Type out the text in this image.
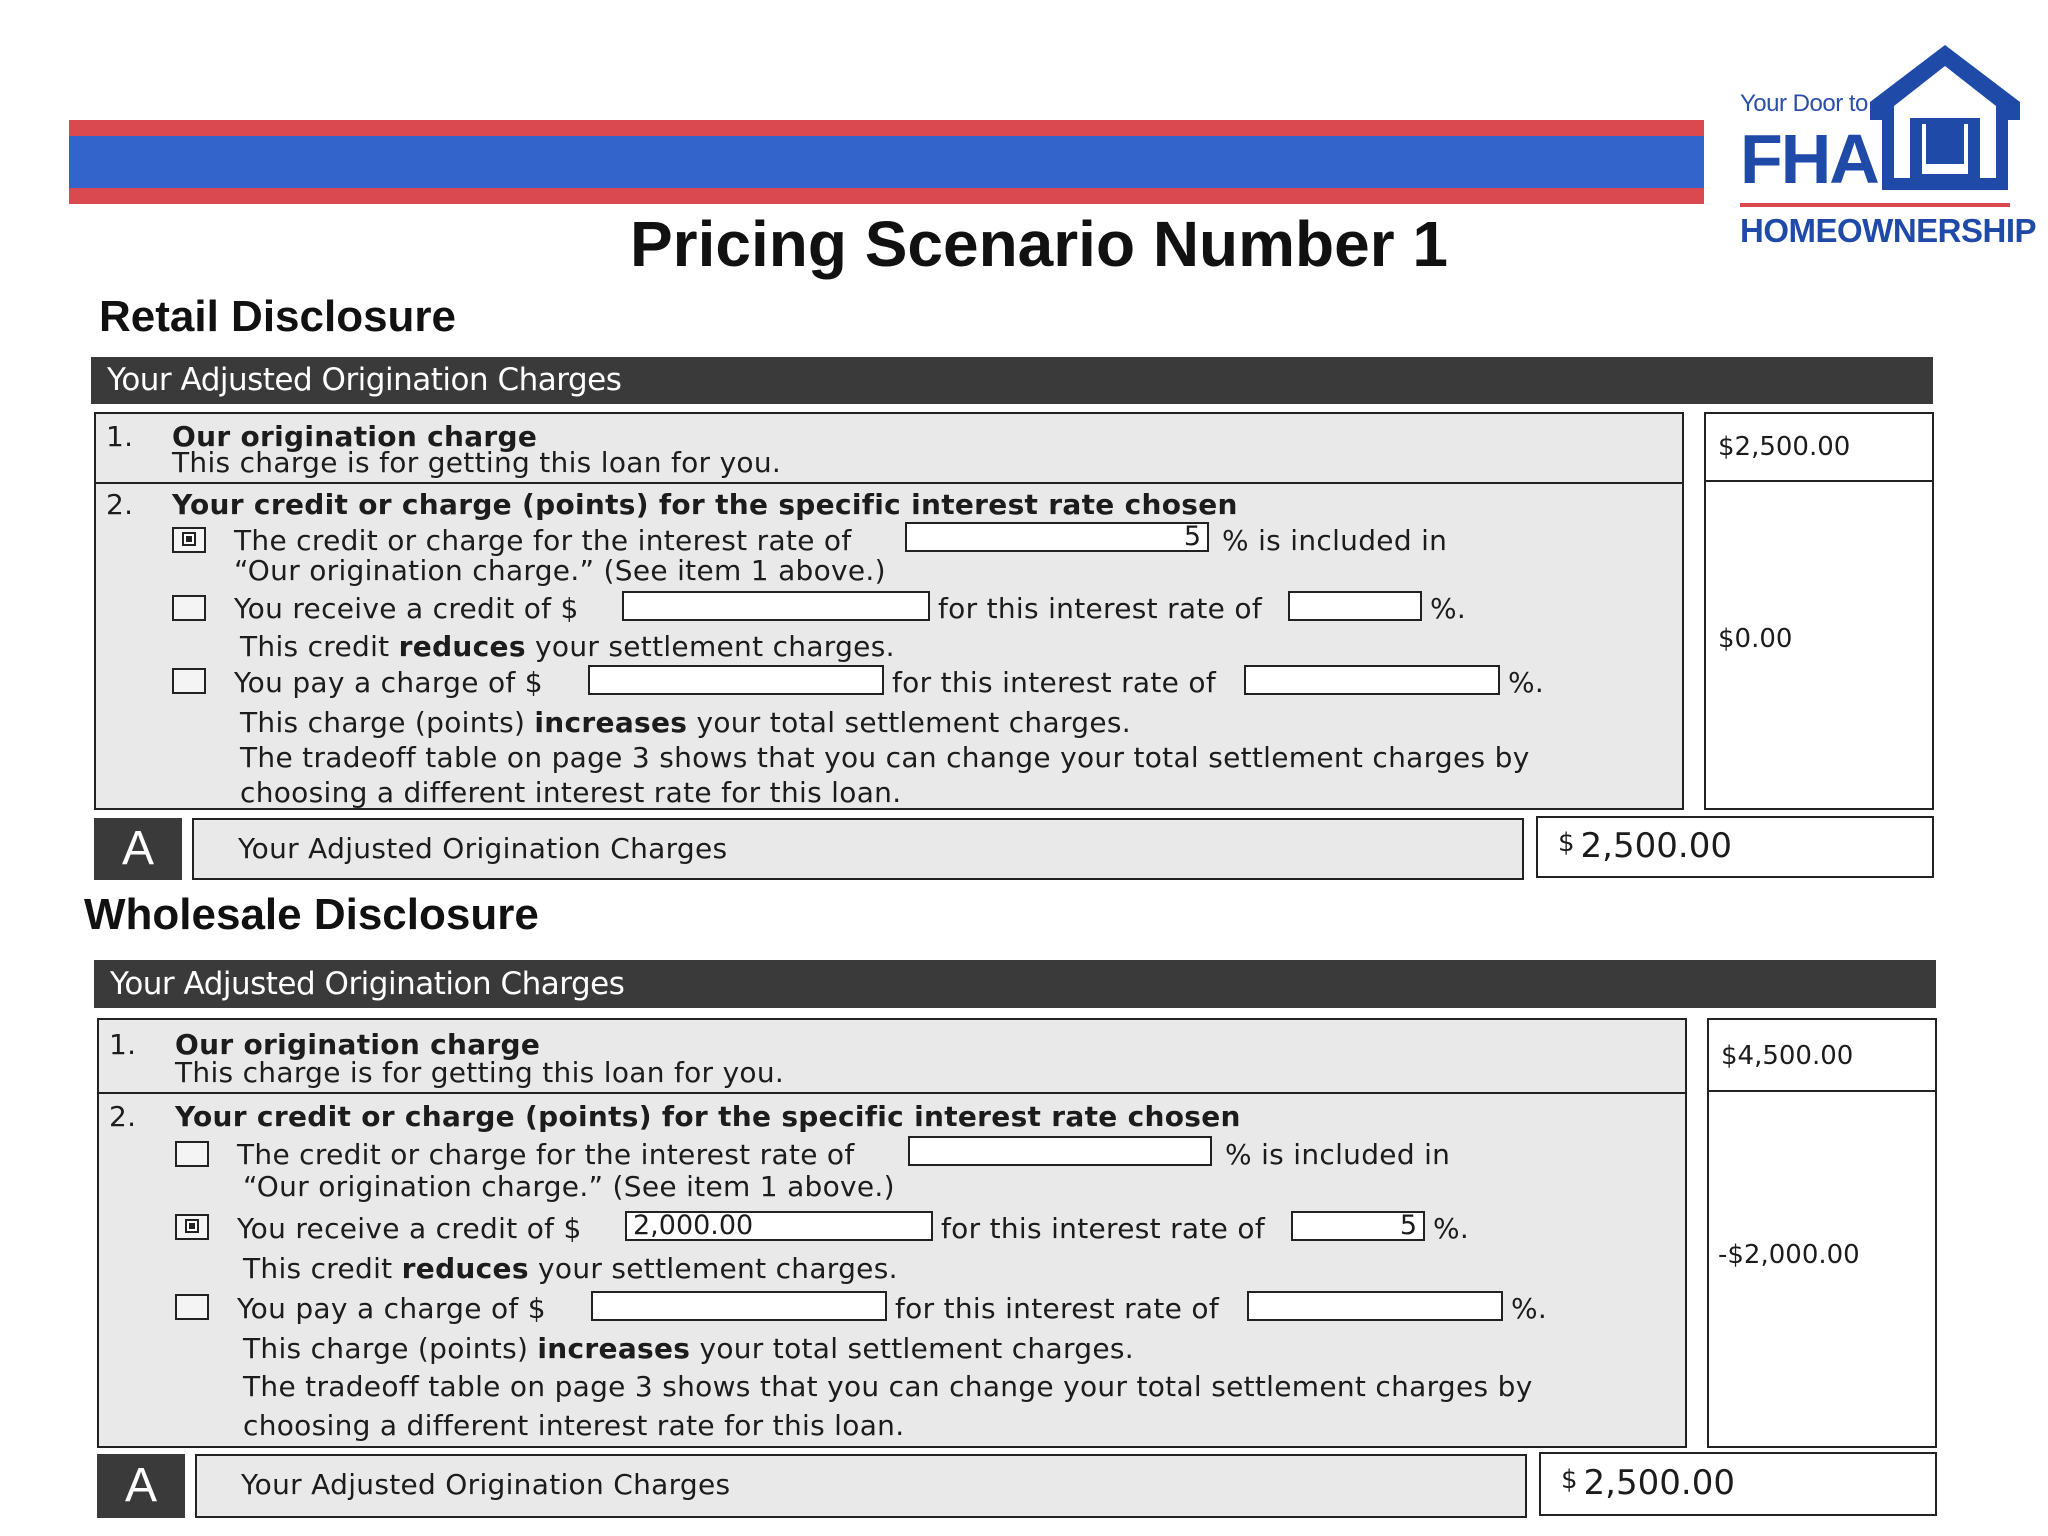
Your Door to
FHA
HOMEOWNERSHIP
Pricing Scenario Number 1
Retail Disclosure
Your Adjusted Origination Charges
1. Our origination charge
This charge is for getting this loan for you.	$2,500.00
2. Your credit or charge (points) for the specific interest rate chosen
The credit or charge for the interest rate of	5 % is included in
“Our origination charge.” (See item 1 above.)
You receive a credit of $	for this interest rate of	%.
This credit reduces your settlement charges.
You pay a charge of $	for this interest rate of	%.
This charge (points) increases your total settlement charges.
The tradeoff table on page 3 shows that you can change your total settlement charges by
choosing a different interest rate for this loan.
$0.00
A	Your Adjusted Origination Charges	$ 2,500.00
Wholesale Disclosure
Your Adjusted Origination Charges
1. Our origination charge
This charge is for getting this loan for you.	$4,500.00
2. Your credit or charge (points) for the specific interest rate chosen
The credit or charge for the interest rate of	% is included in
“Our origination charge.” (See item 1 above.)
You receive a credit of $ 2,000.00	for this interest rate of	5 %.
This credit reduces your settlement charges.
You pay a charge of $	for this interest rate of	%.
This charge (points) increases your total settlement charges.
The tradeoff table on page 3 shows that you can change your total settlement charges by
choosing a different interest rate for this loan.
-$2,000.00
A	Your Adjusted Origination Charges	$ 2,500.00
